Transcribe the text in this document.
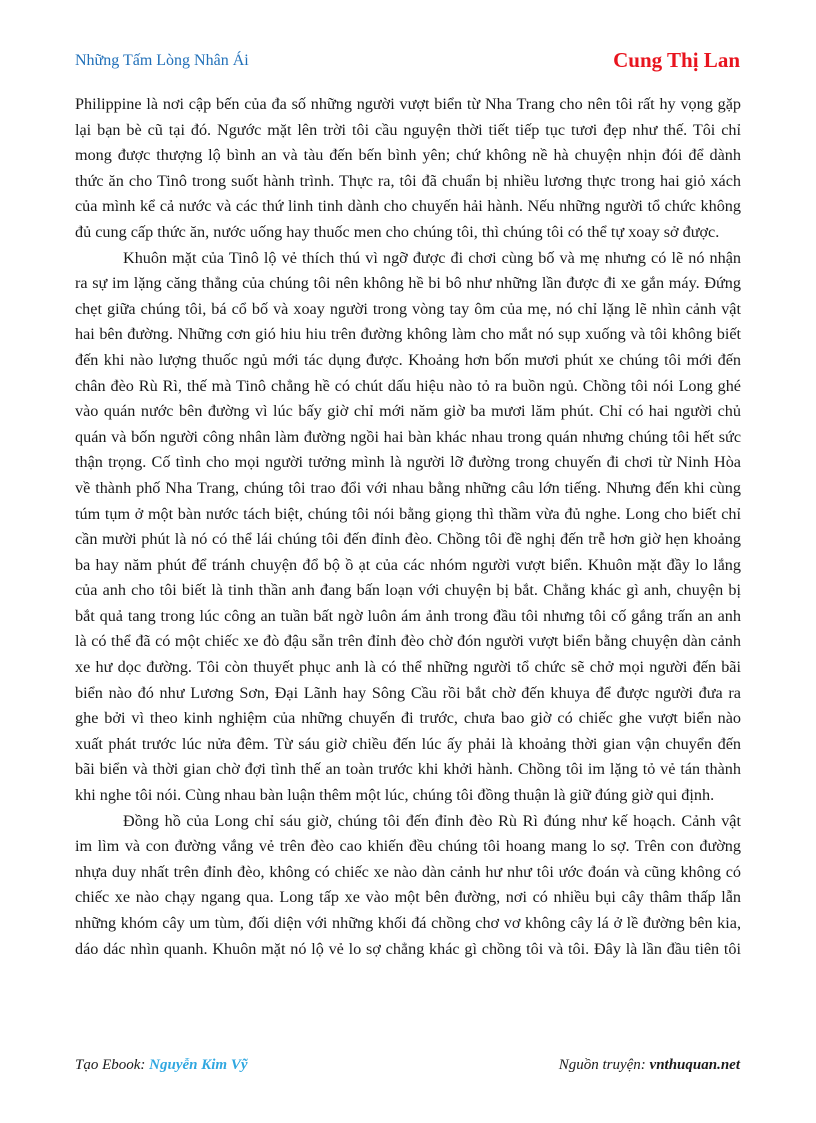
Những Tấm Lòng Nhân Ái	Cung Thị Lan
Philippine là nơi cập bến của đa số những người vượt biển từ Nha Trang cho nên tôi rất hy vọng gặp
lại bạn bè cũ tại đó. Ngước mặt lên trời tôi cầu nguyện thời tiết tiếp tục tươi đẹp như thế. Tôi chỉ
mong được thượng lộ bình an và tàu đến bến bình yên; chứ không nề hà chuyện nhịn đói để dành
thức ăn cho Tinô trong suốt hành trình. Thực ra, tôi đã chuẩn bị nhiều lương thực trong hai giỏ xách
của mình kể cả nước và các thứ linh tinh dành cho chuyến hải hành. Nếu những người tổ chức không
đủ cung cấp thức ăn, nước uống hay thuốc men cho chúng tôi, thì chúng tôi có thể tự xoay sở được.
Khuôn mặt của Tinô lộ vẻ thích thú vì ngỡ được đi chơi cùng bố và mẹ nhưng có lẽ nó nhận
ra sự im lặng căng thẳng của chúng tôi nên không hề bi bô như những lần được đi xe gắn máy. Đứng
chẹt giữa chúng tôi, bá cổ bố và xoay người trong vòng tay ôm của mẹ, nó chỉ lặng lẽ nhìn cảnh vật
hai bên đường. Những cơn gió hiu hiu trên đường không làm cho mắt nó sụp xuống và tôi không biết
đến khi nào lượng thuốc ngủ mới tác dụng được. Khoảng hơn bốn mươi phút xe chúng tôi mới đến
chân đèo Rù Rì, thế mà Tinô chẳng hề có chút dấu hiệu nào tỏ ra buồn ngủ. Chồng tôi nói Long ghé
vào quán nước bên đường vì lúc bấy giờ chỉ mới năm giờ ba mươi lăm phút. Chỉ có hai người chủ
quán và bốn người công nhân làm đường ngồi hai bàn khác nhau trong quán nhưng chúng tôi hết sức
thận trọng. Cố tình cho mọi người tưởng mình là người lỡ đường trong chuyến đi chơi từ Ninh Hòa
về thành phố Nha Trang, chúng tôi trao đổi với nhau bằng những câu lớn tiếng. Nhưng đến khi cùng
túm tụm ở một bàn nước tách biệt, chúng tôi nói bằng giọng thì thầm vừa đủ nghe. Long cho biết chỉ
cần mười phút là nó có thể lái chúng tôi đến đỉnh đèo. Chồng tôi đề nghị đến trễ hơn giờ hẹn khoảng
ba hay năm phút để tránh chuyện đổ bộ ồ ạt của các nhóm người vượt biển. Khuôn mặt đầy lo lắng
của anh cho tôi biết là tinh thần anh đang bấn loạn với chuyện bị bắt. Chẳng khác gì anh, chuyện bị
bắt quả tang trong lúc công an tuần bất ngờ luôn ám ảnh trong đầu tôi nhưng tôi cố gắng trấn an anh
là có thể đã có một chiếc xe đò đậu sẵn trên đỉnh đèo chờ đón người vượt biển bằng chuyện dàn cảnh
xe hư dọc đường. Tôi còn thuyết phục anh là có thể những người tổ chức sẽ chở mọi người đến bãi
biển nào đó như Lương Sơn, Đại Lãnh hay Sông Cầu rồi bắt chờ đến khuya để được người đưa ra
ghe bởi vì theo kinh nghiệm của những chuyến đi trước, chưa bao giờ có chiếc ghe vượt biển nào
xuất phát trước lúc nửa đêm. Từ sáu giờ chiều đến lúc ấy phải là khoảng thời gian vận chuyển đến
bãi biển và thời gian chờ đợi tình thế an toàn trước khi khởi hành. Chồng tôi im lặng tỏ vẻ tán thành
khi nghe tôi nói. Cùng nhau bàn luận thêm một lúc, chúng tôi đồng thuận là giữ đúng giờ qui định.
Đồng hồ của Long chỉ sáu giờ, chúng tôi đến đỉnh đèo Rù Rì đúng như kế hoạch. Cảnh vật
im lìm và con đường vắng vẻ trên đèo cao khiến đều chúng tôi hoang mang lo sợ. Trên con đường
nhựa duy nhất trên đỉnh đèo, không có chiếc xe nào dàn cảnh hư như tôi ước đoán và cũng không có
chiếc xe nào chạy ngang qua. Long tấp xe vào một bên đường, nơi có nhiều bụi cây thâm thấp lẫn
những khóm cây um tùm, đối diện với những khối đá chồng chơ vơ không cây lá ở lề đường bên kia,
dáo dác nhìn quanh. Khuôn mặt nó lộ vẻ lo sợ chẳng khác gì chồng tôi và tôi. Đây là lần đầu tiên tôi
Tạo Ebook: Nguyễn Kim Vỹ	Nguồn truyện: vnthuquan.net
